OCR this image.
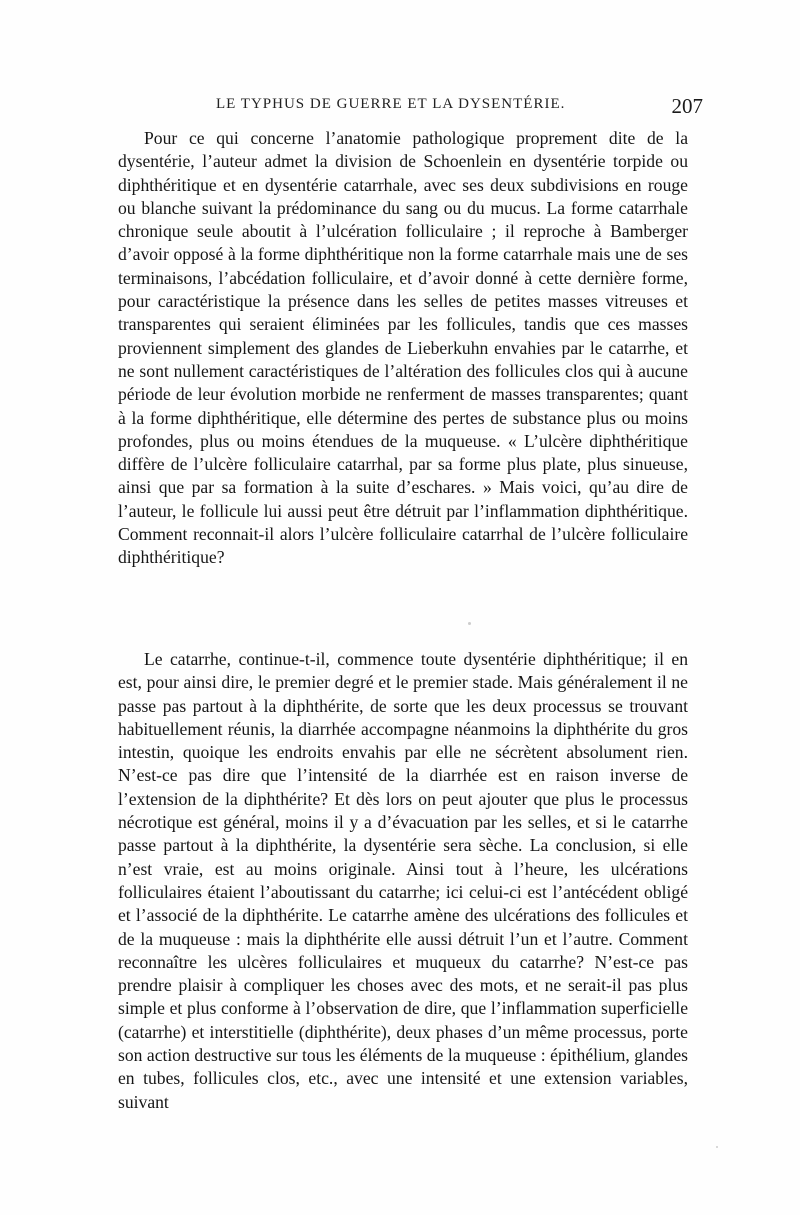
LE TYPHUS DE GUERRE ET LA DYSENTÉRIE.	207

Pour ce qui concerne l’anatomie pathologique proprement dite de la dysentérie, l’auteur admet la division de Schoenlein en dysentérie torpide ou diphthéritique et en dysentérie catarrhale, avec ses deux subdivisions en rouge ou blanche suivant la prédominance du sang ou du mucus. La forme catarrhale chronique seule aboutit à l’ulcération folliculaire ; il reproche à Bamberger d’avoir opposé à la forme diphthéritique non la forme catarrhale mais une de ses terminaisons, l’abcédation folliculaire, et d’avoir donné à cette dernière forme, pour caractéristique la présence dans les selles de petites masses vitreuses et transparentes qui seraient éliminées par les follicules, tandis que ces masses proviennent simplement des glandes de Lieberkuhn envahies par le catarrhe, et ne sont nullement caractéristiques de l’altération des follicules clos qui à aucune période de leur évolution morbide ne renferment de masses transparentes; quant à la forme diphthéritique, elle détermine des pertes de substance plus ou moins profondes, plus ou moins étendues de la muqueuse. « L’ulcère diphthéritique diffère de l’ulcère folliculaire catarrhal, par sa forme plus plate, plus sinueuse, ainsi que par sa formation à la suite d’eschares. » Mais voici, qu’au dire de l’auteur, le follicule lui aussi peut être détruit par l’inflammation diphthéritique. Comment reconnait-il alors l’ulcère folliculaire catarrhal de l’ulcère folliculaire diphthéritique?

Le catarrhe, continue-t-il, commence toute dysentérie diphthéritique; il en est, pour ainsi dire, le premier degré et le premier stade. Mais généralement il ne passe pas partout à la diphthérite, de sorte que les deux processus se trouvant habituellement réunis, la diarrhée accompagne néanmoins la diphthérite du gros intestin, quoique les endroits envahis par elle ne sécrètent absolument rien. N’est-ce pas dire que l’intensité de la diarrhée est en raison inverse de l’extension de la diphthérite? Et dès lors on peut ajouter que plus le processus nécrotique est général, moins il y a d’évacuation par les selles, et si le catarrhe passe partout à la diphthérite, la dysentérie sera sèche. La conclusion, si elle n’est vraie, est au moins originale. Ainsi tout à l’heure, les ulcérations folliculaires étaient l’aboutissant du catarrhe; ici celui-ci est l’antécédent obligé et l’associé de la diphthérite. Le catarrhe amène des ulcérations des follicules et de la muqueuse : mais la diphthérite elle aussi détruit l’un et l’autre. Comment reconnaître les ulcères folliculaires et muqueux du catarrhe? N’est-ce pas prendre plaisir à compliquer les choses avec des mots, et ne serait-il pas plus simple et plus conforme à l’observation de dire, que l’inflammation superficielle (catarrhe) et interstitielle (diphthérite), deux phases d’un même processus, porte son action destructive sur tous les éléments de la muqueuse : épithélium, glandes en tubes, follicules clos, etc., avec une intensité et une extension variables, suivant
